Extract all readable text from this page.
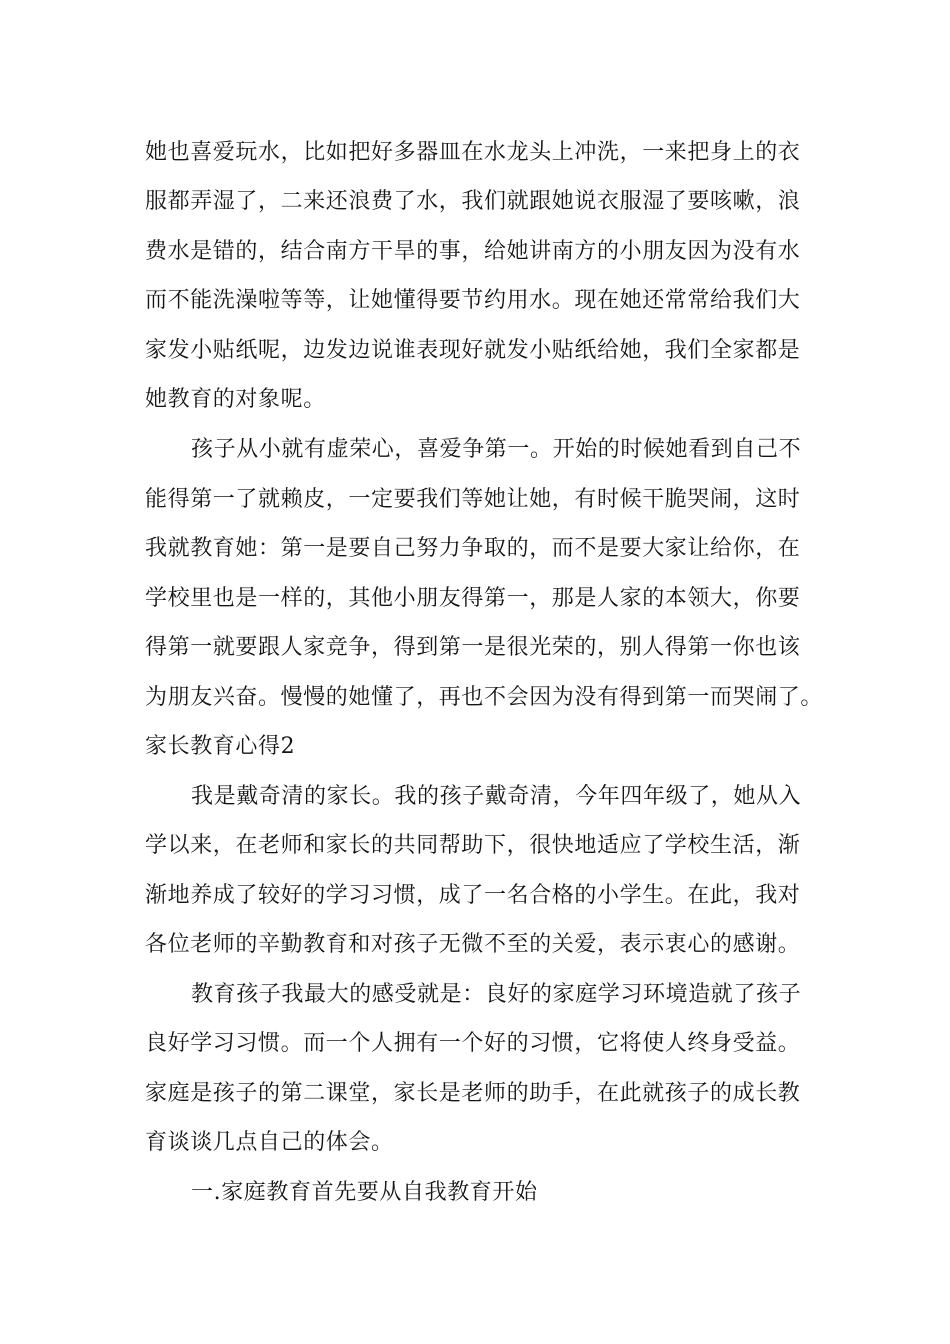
她也喜爱玩水，比如把好多器皿在水龙头上冲洗，一来把身上的衣
服都弄湿了，二来还浪费了水，我们就跟她说衣服湿了要咳嗽，浪
费水是错的，结合南方干旱的事，给她讲南方的小朋友因为没有水
而不能洗澡啦等等，让她懂得要节约用水。现在她还常常给我们大
家发小贴纸呢，边发边说谁表现好就发小贴纸给她，我们全家都是
她教育的对象呢。
孩子从小就有虚荣心，喜爱争第一。开始的时候她看到自己不
能得第一了就赖皮，一定要我们等她让她，有时候干脆哭闹，这时
我就教育她：第一是要自己努力争取的，而不是要大家让给你，在
学校里也是一样的，其他小朋友得第一，那是人家的本领大，你要
得第一就要跟人家竞争，得到第一是很光荣的，别人得第一你也该
为朋友兴奋。慢慢的她懂了，再也不会因为没有得到第一而哭闹了。
家长教育心得2
我是戴奇清的家长。我的孩子戴奇清，今年四年级了，她从入
学以来，在老师和家长的共同帮助下，很快地适应了学校生活，渐
渐地养成了较好的学习习惯，成了一名合格的小学生。在此，我对
各位老师的辛勤教育和对孩子无微不至的关爱，表示衷心的感谢。
教育孩子我最大的感受就是：良好的家庭学习环境造就了孩子
良好学习习惯。而一个人拥有一个好的习惯，它将使人终身受益。
家庭是孩子的第二课堂，家长是老师的助手，在此就孩子的成长教
育谈谈几点自己的体会。
一.家庭教育首先要从自我教育开始
